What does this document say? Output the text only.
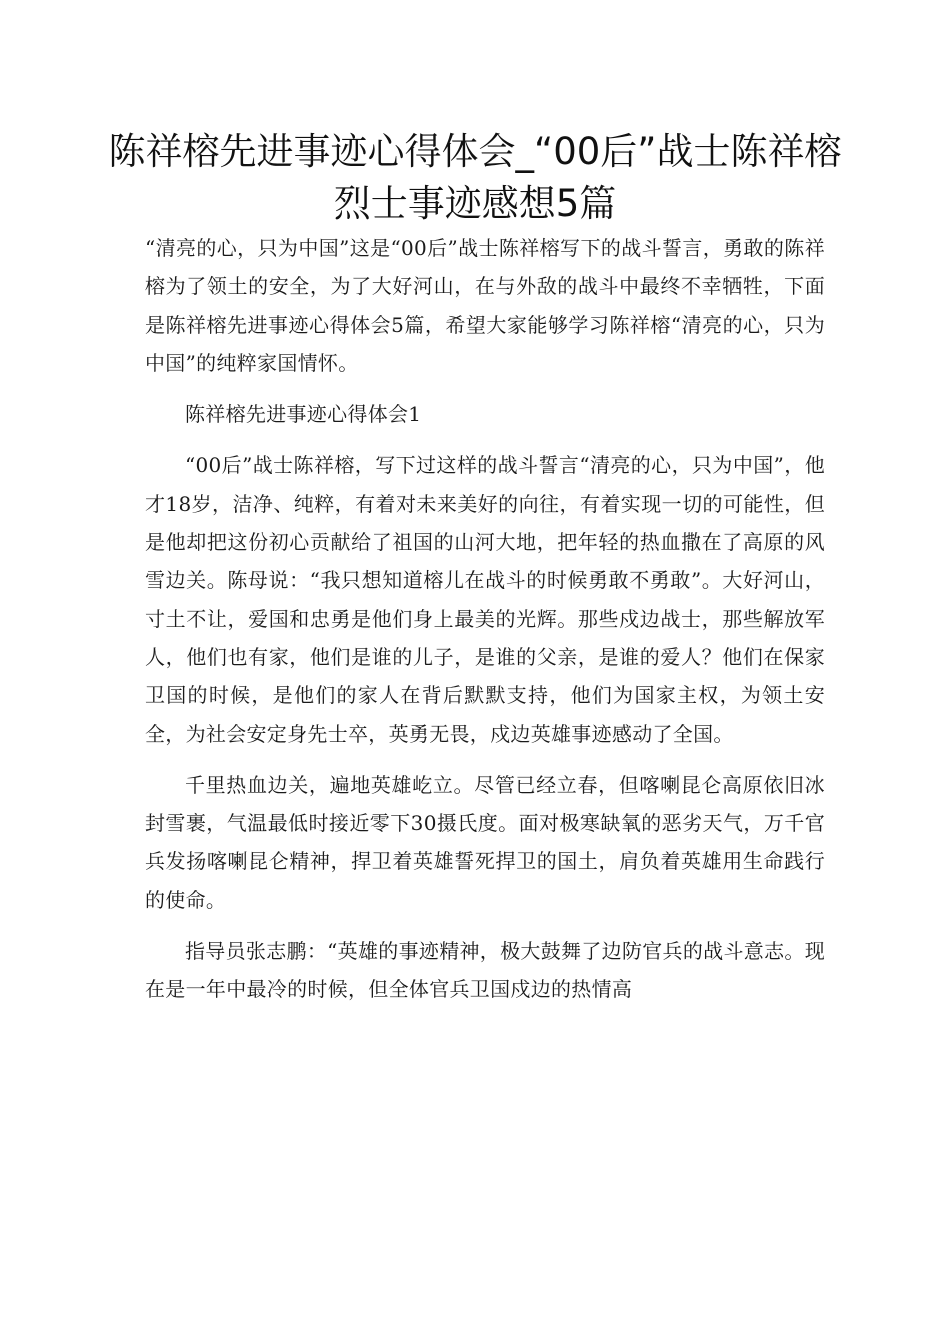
陈祥榕先进事迹心得体会_“00后”战士陈祥榕烈士事迹感想5篇

“清亮的心，只为中国”这是“00后”战士陈祥榕写下的战斗誓言，勇敢的陈祥榕为了领土的安全，为了大好河山，在与外敌的战斗中最终不幸牺牲，下面是陈祥榕先进事迹心得体会5篇，希望大家能够学习陈祥榕“清亮的心，只为中国”的纯粹家国情怀。

陈祥榕先进事迹心得体会1

“00后”战士陈祥榕，写下过这样的战斗誓言“清亮的心，只为中国”，他才18岁，洁净、纯粹，有着对未来美好的向往，有着实现一切的可能性，但是他却把这份初心贡献给了祖国的山河大地，把年轻的热血撒在了高原的风雪边关。陈母说：“我只想知道榕儿在战斗的时候勇敢不勇敢”。大好河山，寸土不让，爱国和忠勇是他们身上最美的光辉。那些戍边战士，那些解放军人，他们也有家，他们是谁的儿子，是谁的父亲，是谁的爱人？他们在保家卫国的时候，是他们的家人在背后默默支持，他们为国家主权，为领土安全，为社会安定身先士卒，英勇无畏，戍边英雄事迹感动了全国。

千里热血边关，遍地英雄屹立。尽管已经立春，但喀喇昆仑高原依旧冰封雪裹，气温最低时接近零下30摄氏度。面对极寒缺氧的恶劣天气，万千官兵发扬喀喇昆仑精神，捍卫着英雄誓死捍卫的国土，肩负着英雄用生命践行的使命。

指导员张志鹏：“英雄的事迹精神，极大鼓舞了边防官兵的战斗意志。现在是一年中最冷的时候，但全体官兵卫国戍边的热情高
